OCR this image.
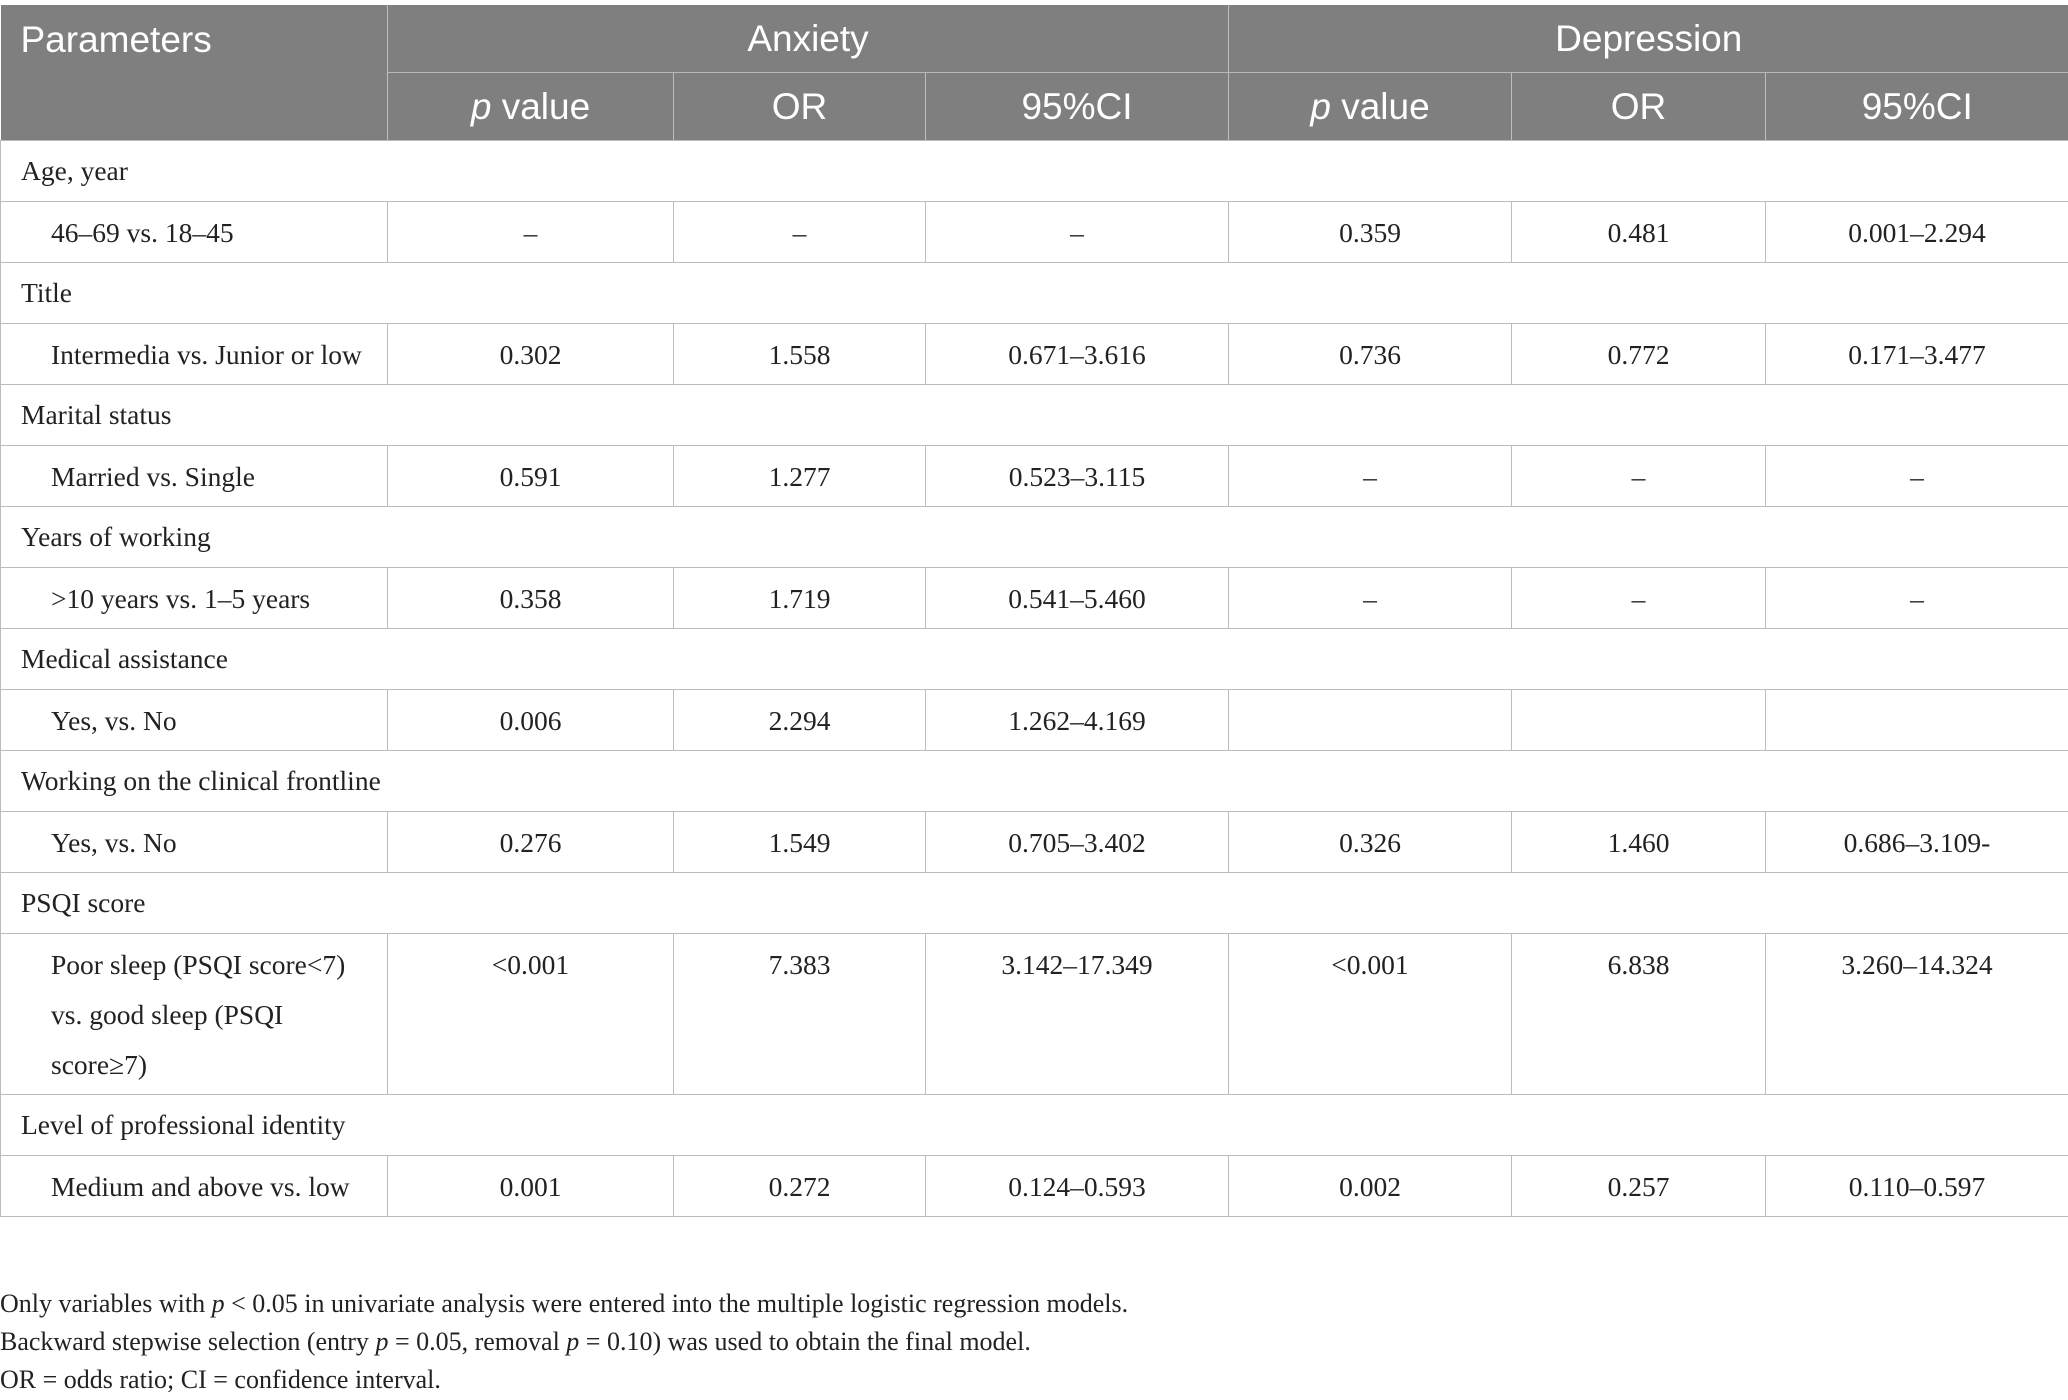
Parameters	Anxiety			Depression		
	p value	OR	95%CI	p value	OR	95%CI
Age, year						
46–69 vs. 18–45	–	–	–	0.359	0.481	0.001–2.294
Title						
Intermedia vs. Junior or low	0.302	1.558	0.671–3.616	0.736	0.772	0.171–3.477
Marital status						
Married vs. Single	0.591	1.277	0.523–3.115	–	–	–
Years of working						
>10 years vs. 1–5 years	0.358	1.719	0.541–5.460	–	–	–
Medical assistance						
Yes, vs. No	0.006	2.294	1.262–4.169			
Working on the clinical frontline						
Yes, vs. No	0.276	1.549	0.705–3.402	0.326	1.460	0.686–3.109-
PSQI score						
Poor sleep (PSQI score<7) vs. good sleep (PSQI score≥7)	<0.001	7.383	3.142–17.349	<0.001	6.838	3.260–14.324
Level of professional identity						
Medium and above vs. low	0.001	0.272	0.124–0.593	0.002	0.257	0.110–0.597

Only variables with p < 0.05 in univariate analysis were entered into the multiple logistic regression models.

Backward stepwise selection (entry p = 0.05, removal p = 0.10) was used to obtain the final model.

OR = odds ratio; CI = confidence interval.
